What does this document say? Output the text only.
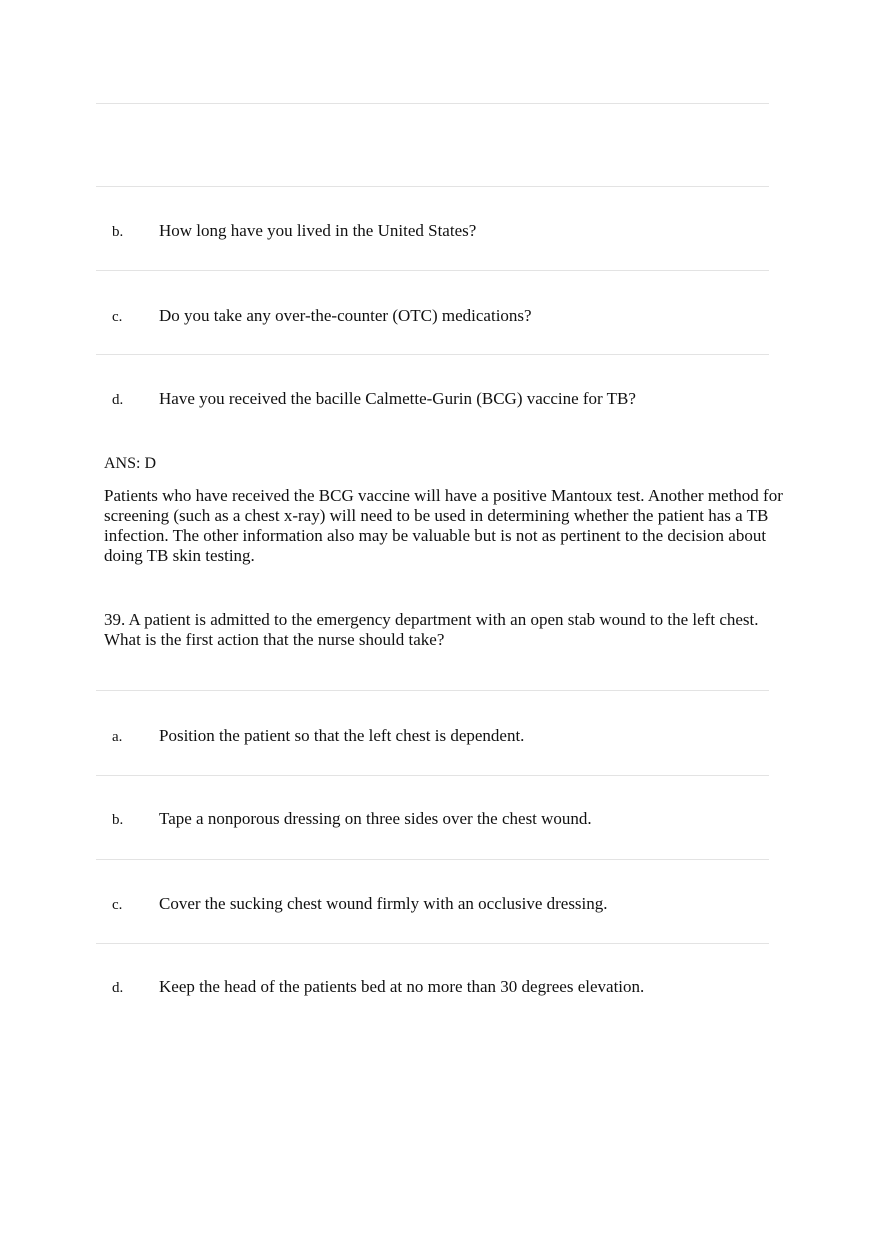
b. How long have you lived in the United States?
c. Do you take any over-the-counter (OTC) medications?
d. Have you received the bacille Calmette-Gurin (BCG) vaccine for TB?
ANS: D
Patients who have received the BCG vaccine will have a positive Mantoux test. Another method for screening (such as a chest x-ray) will need to be used in determining whether the patient has a TB infection. The other information also may be valuable but is not as pertinent to the decision about doing TB skin testing.
39. A patient is admitted to the emergency department with an open stab wound to the left chest. What is the first action that the nurse should take?
a. Position the patient so that the left chest is dependent.
b. Tape a nonporous dressing on three sides over the chest wound.
c. Cover the sucking chest wound firmly with an occlusive dressing.
d. Keep the head of the patients bed at no more than 30 degrees elevation.
